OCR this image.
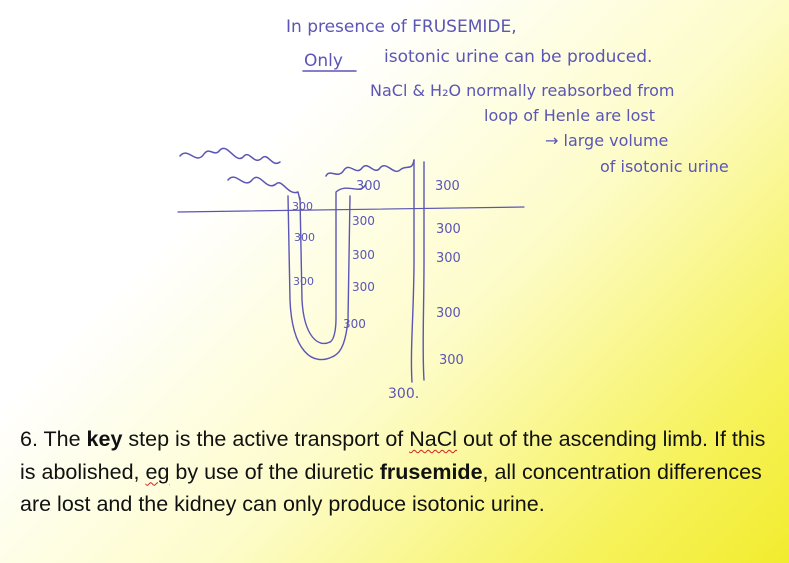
In presence of FRUSEMIDE,
Only isotonic urine can be produced.
NaCl & H₂O normally reabsorbed from
loop of Henle are lost
→ large volume
of isotonic urine
300
300	300
300
300
300
300
300
300
300
300
300
300
300.
6. The key step is the active transport of NaCl out of the ascending limb. If this is abolished, eg by use of the diuretic frusemide, all concentration differences are lost and the kidney can only produce isotonic urine.
